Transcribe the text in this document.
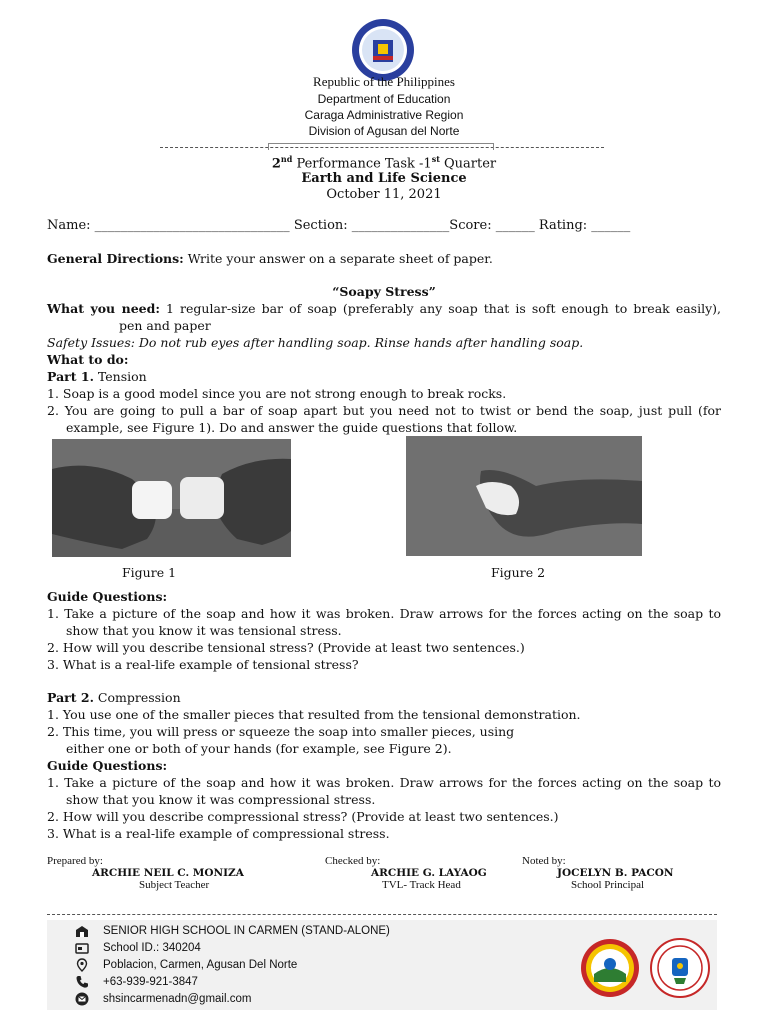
Republic of the Philippines
Department of Education
Caraga Administrative Region
Division of Agusan del Norte
2nd Performance Task -1st Quarter
Earth and Life Science
October 11, 2021
Name: ______________________________ Section: _______________Score: ______ Rating: ______
General Directions: Write your answer on a separate sheet of paper.
“Soapy Stress”
What you need: 1 regular-size bar of soap (preferably any soap that is soft enough to break easily), pen and paper
Safety Issues: Do not rub eyes after handling soap. Rinse hands after handling soap.
What to do:
Part 1. Tension
1. Soap is a good model since you are not strong enough to break rocks.
2. You are going to pull a bar of soap apart but you need not to twist or bend the soap, just pull (for example, see Figure 1). Do and answer the guide questions that follow.
Figure 1	Figure 2
Guide Questions:
1. Take a picture of the soap and how it was broken. Draw arrows for the forces acting on the soap to show that you know it was tensional stress.
2. How will you describe tensional stress? (Provide at least two sentences.)
3. What is a real-life example of tensional stress?
Part 2. Compression
1. You use one of the smaller pieces that resulted from the tensional demonstration.
2. This time, you will press or squeeze the soap into smaller pieces, using
either one or both of your hands (for example, see Figure 2).
Guide Questions:
1. Take a picture of the soap and how it was broken. Draw arrows for the forces acting on the soap to show that you know it was compressional stress.
2. How will you describe compressional stress? (Provide at least two sentences.)
3. What is a real-life example of compressional stress.
Prepared by:
ARCHIE NEIL C. MONIZA
Subject Teacher
Checked by:
ARCHIE G. LAYAOG
TVL- Track Head
Noted by:
JOCELYN B. PACON
School Principal
SENIOR HIGH SCHOOL IN CARMEN (STAND-ALONE)
School ID.: 340204
Poblacion, Carmen, Agusan Del Norte
+63-939-921-3847
shsincarmenadn@gmail.com
